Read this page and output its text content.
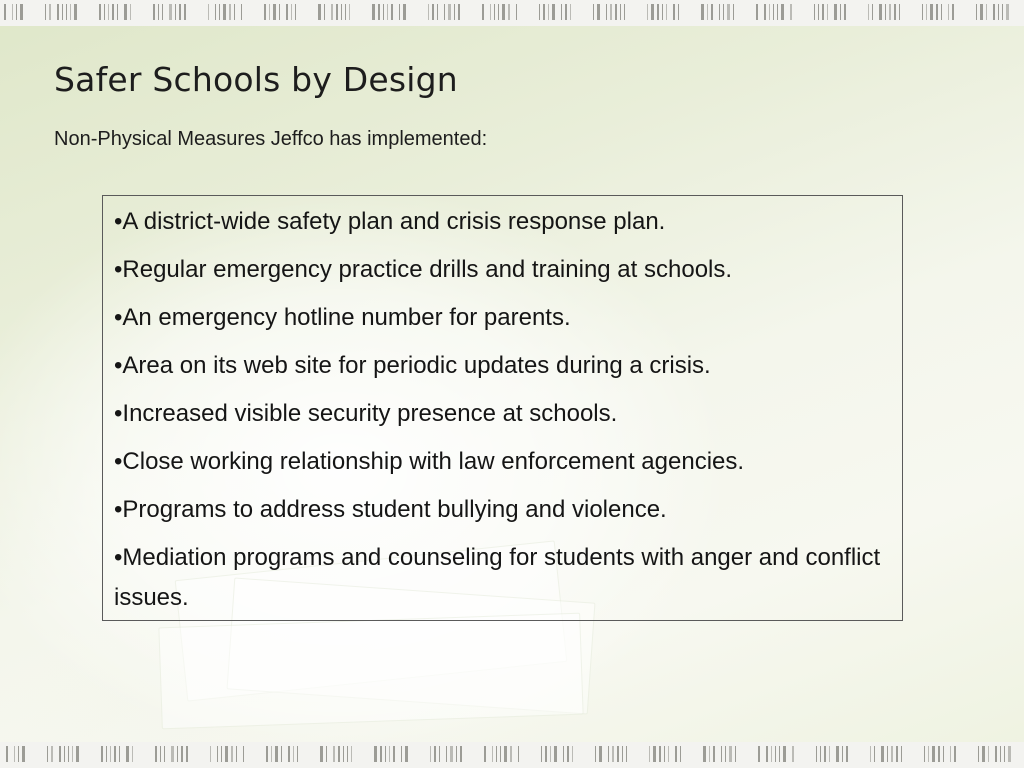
Safer Schools by Design

Non-Physical Measures Jeffco has implemented:

•A district-wide safety plan and crisis response plan.
•Regular emergency practice drills and training at schools.
•An emergency hotline number for parents.
•Area on its web site for periodic updates during a crisis.
•Increased visible security presence at schools.
•Close working relationship with law enforcement agencies.
•Programs to address student bullying and violence.
•Mediation programs and counseling for students with anger and conflict issues.
